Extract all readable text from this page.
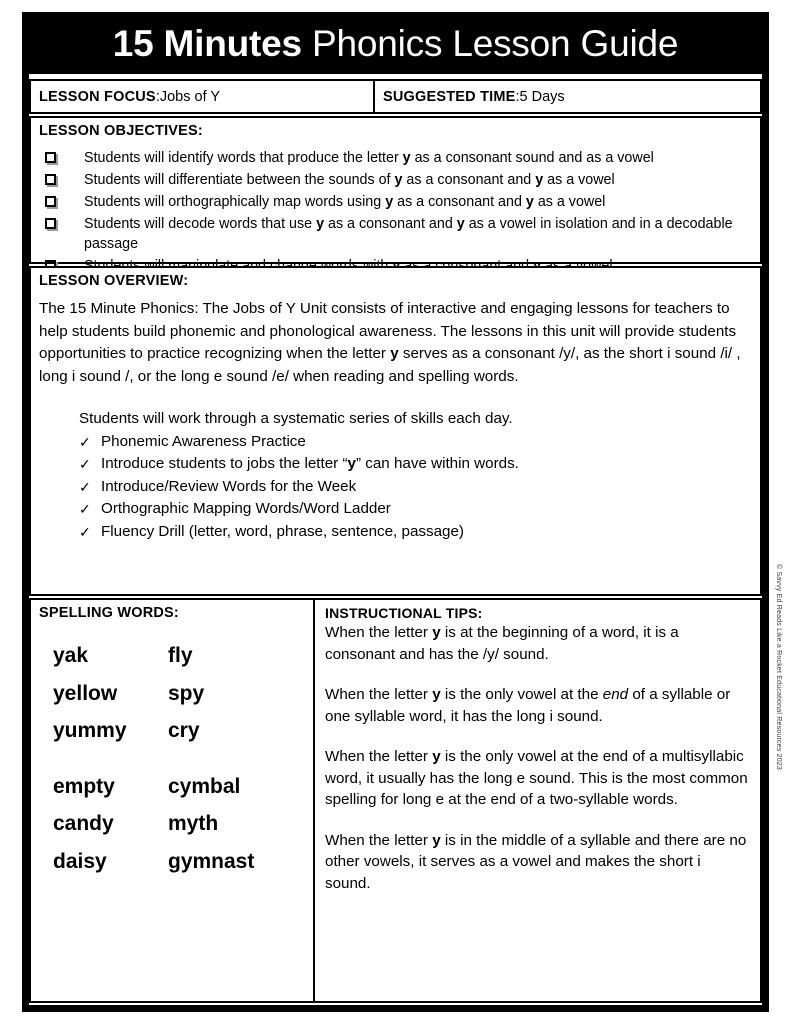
15 Minutes Phonics Lesson Guide
LESSON FOCUS : Jobs of Y	SUGGESTED TIME : 5 Days
LESSON OBJECTIVES:
Students will identify words that produce the letter y as a consonant sound and as a vowel
Students will differentiate between the sounds of y as a consonant and y as a vowel
Students will orthographically map words using y as a consonant and y as a vowel
Students will decode words that use y as a consonant and y as a vowel in isolation and in a decodable passage
LESSON OVERVIEW:

The 15 Minute Phonics: The Jobs of Y Unit consists of interactive and engaging lessons for teachers to help students build phonemic and phonological awareness. The lessons in this unit will provide students opportunities to practice recognizing when the letter y serves as a consonant /y/, as the short i sound /i/ , long i sound /, or the long e sound /e/ when reading and spelling words.

Students will work through a systematic series of skills each day.
✓ Phonemic Awareness Practice
✓ Introduce students to jobs the letter “y” can have within words.
✓ Introduce/Review Words for the Week
✓ Orthographic Mapping Words/Word Ladder
✓ Fluency Drill (letter, word, phrase, sentence, passage)
SPELLING WORDS:
yak	fly
yellow	spy
yummy	cry
empty	cymbal
candy	myth
daisy	gymnast
INSTRUCTIONAL TIPS:

When the letter y is at the beginning of a word, it is a consonant and has the /y/ sound.

When the letter y is the only vowel at the end of a syllable or one syllable word, it has the long i sound.

When the letter y is the only vowel at the end of a multisyllabic word, it usually has the long e sound. This is the most common spelling for long e at the end of a two-syllable words.

When the letter y is in the middle of a syllable and there are no other vowels, it serves as a vowel and makes the short i sound.

© Savvy Ed Reads Like a Rocket Educational Resources 2023
